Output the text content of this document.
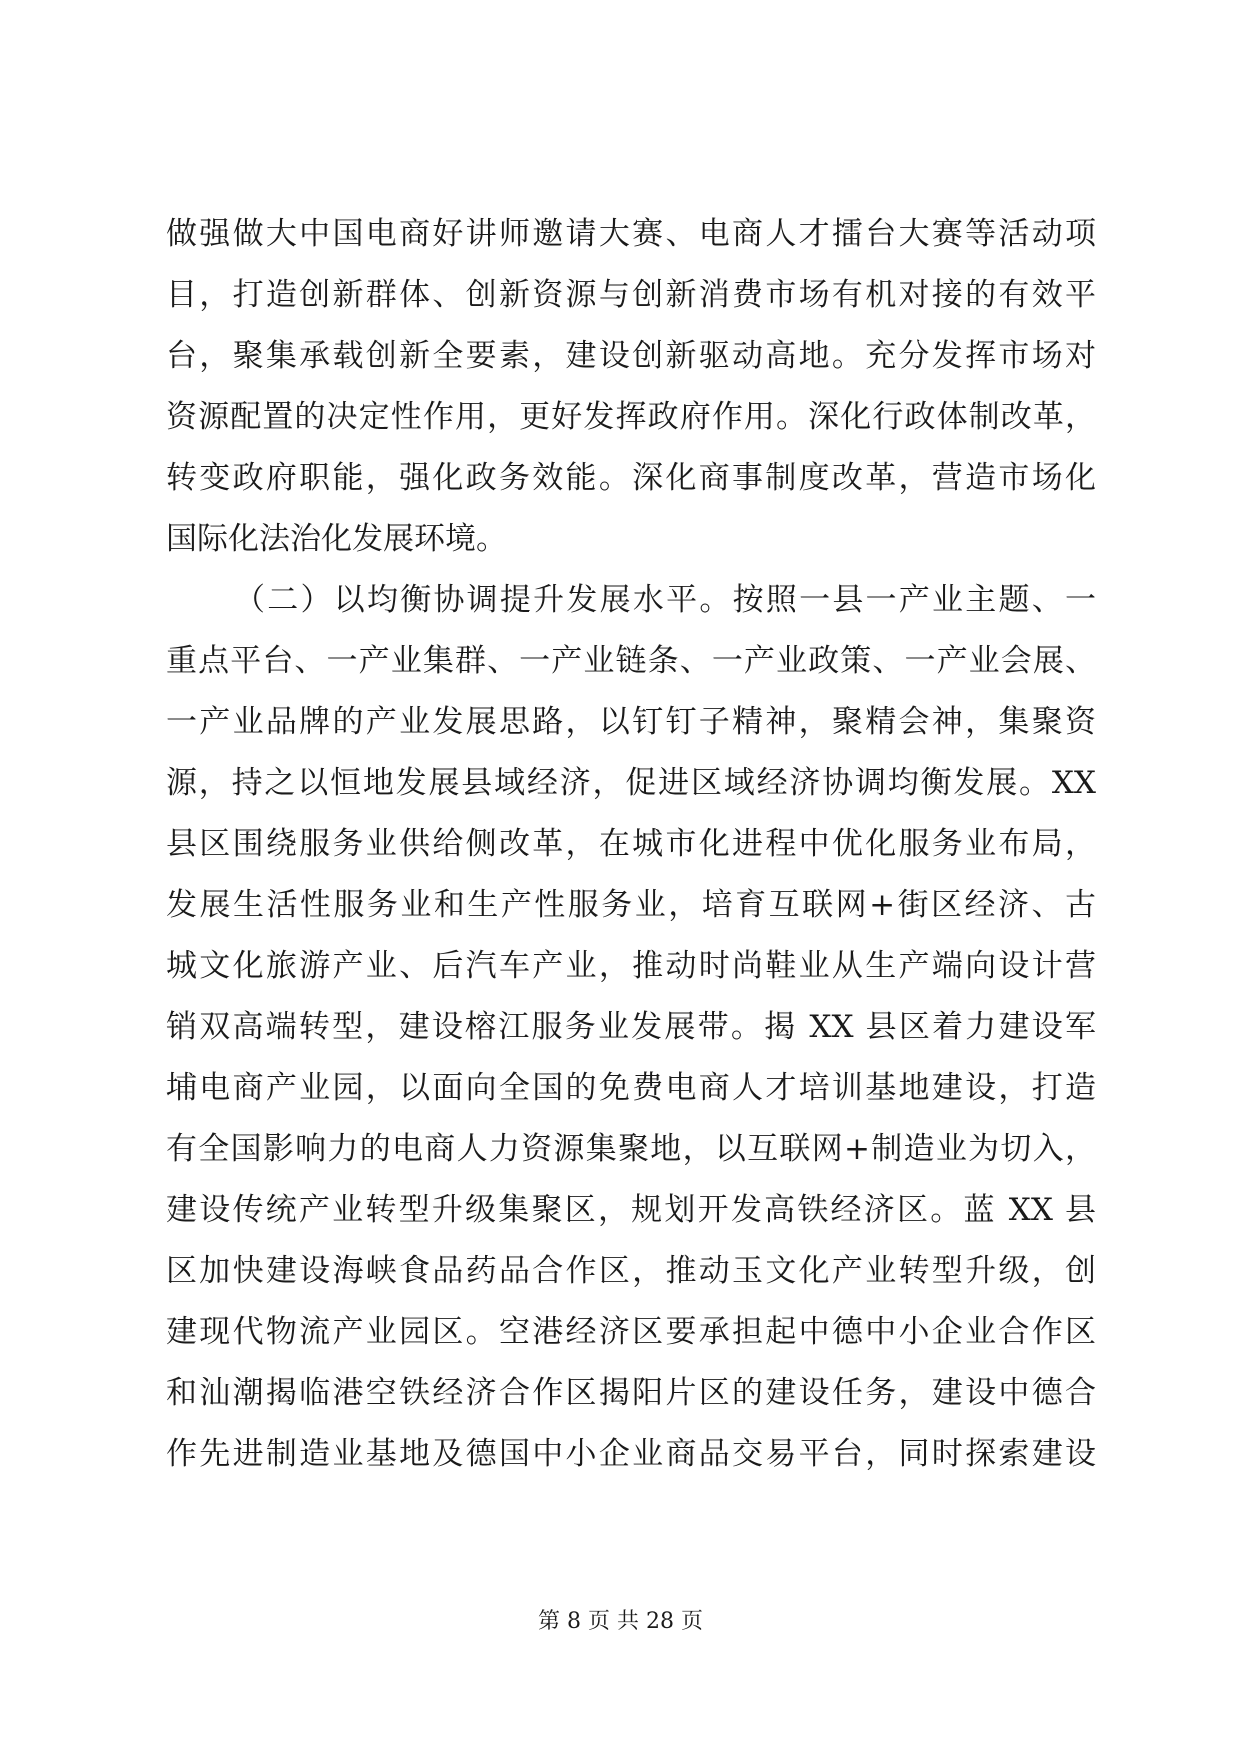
做强做大中国电商好讲师邀请大赛、电商人才擂台大赛等活动项
目，打造创新群体、创新资源与创新消费市场有机对接的有效平
台，聚集承载创新全要素，建设创新驱动高地。充分发挥市场对
资源配置的决定性作用，更好发挥政府作用。深化行政体制改革，
转变政府职能，强化政务效能。深化商事制度改革，营造市场化
国际化法治化发展环境。
（二）以均衡协调提升发展水平。按照一县一产业主题、一
重点平台、一产业集群、一产业链条、一产业政策、一产业会展、
一产业品牌的产业发展思路，以钉钉子精神，聚精会神，集聚资
源，持之以恒地发展县域经济，促进区域经济协调均衡发展。XX
县区围绕服务业供给侧改革，在城市化进程中优化服务业布局，
发展生活性服务业和生产性服务业，培育互联网+街区经济、古
城文化旅游产业、后汽车产业，推动时尚鞋业从生产端向设计营
销双高端转型，建设榕江服务业发展带。揭 XX 县区着力建设军
埔电商产业园，以面向全国的免费电商人才培训基地建设，打造
有全国影响力的电商人力资源集聚地，以互联网+制造业为切入，
建设传统产业转型升级集聚区，规划开发高铁经济区。蓝 XX 县
区加快建设海峡食品药品合作区，推动玉文化产业转型升级，创
建现代物流产业园区。空港经济区要承担起中德中小企业合作区
和汕潮揭临港空铁经济合作区揭阳片区的建设任务，建设中德合
作先进制造业基地及德国中小企业商品交易平台，同时探索建设
第 8 页 共 28 页
